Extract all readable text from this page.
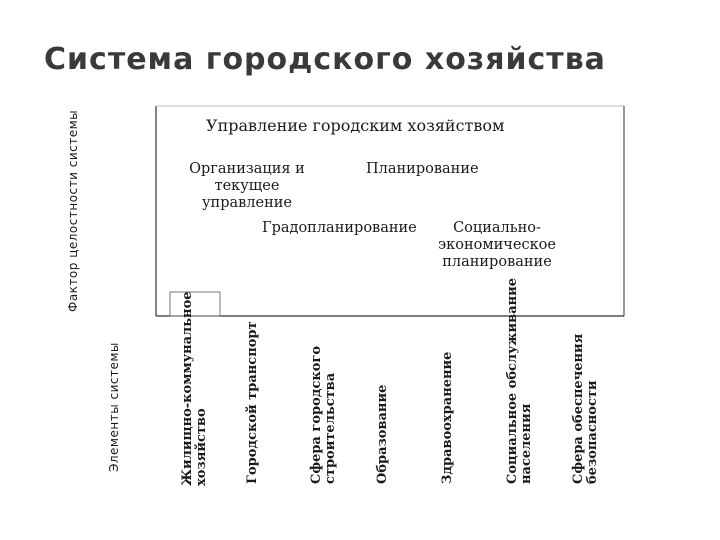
Система городского хозяйства
Фактор целостности системы	Управление городским хозяйством
Организация и
текущее управление
Планирование
Градопланирование	Социально-
экономическое
планирование
Элементы системы	Жилищно-коммунальное
хозяйство	Городской транспорт	Сфера городского
строительства	Образование	Здравоохранение	Социальное обслуживание
населения	Сфера обеспечения
безопасности
